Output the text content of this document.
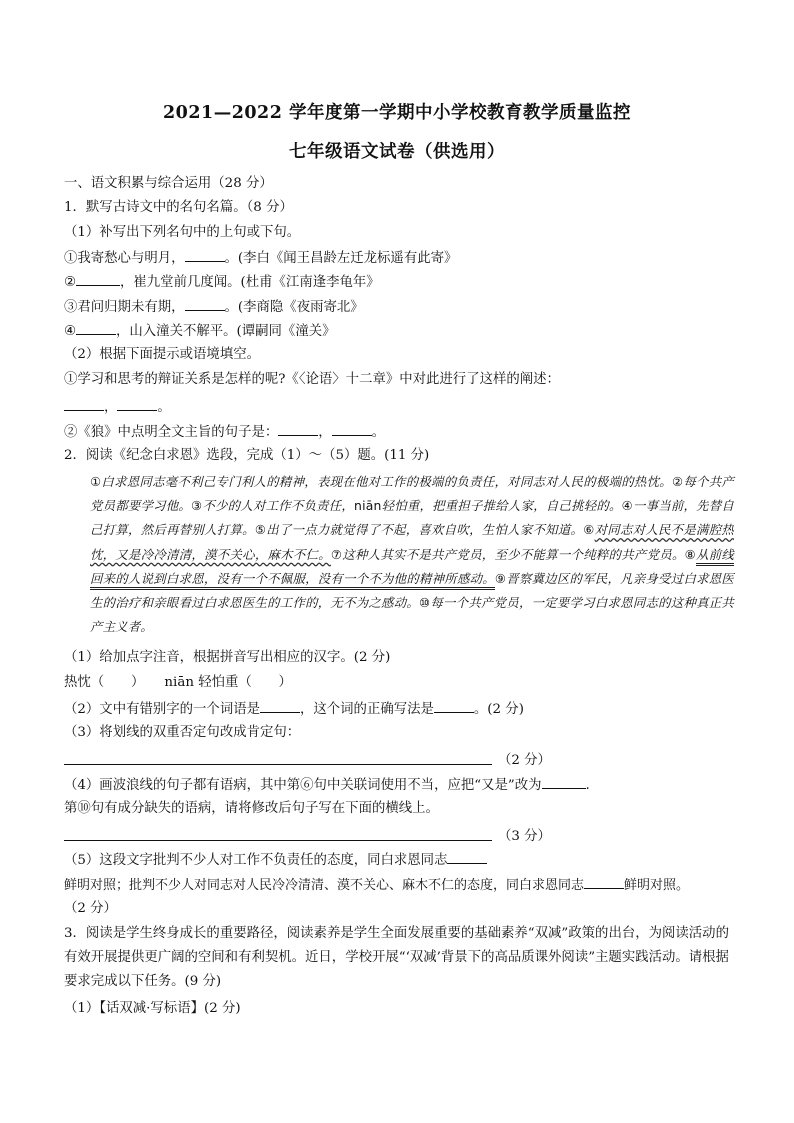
2021—2022 学年度第一学期中小学校教育教学质量监控
七年级语文试卷（供选用）
一、语文积累与综合运用（28 分）
1．默写古诗文中的名句名篇。（8 分）
（1）补写出下列名句中的上句或下句。
①我寄愁心与明月，	。(李白《闻王昌龄左迁龙标遥有此寄》
②	，崔九堂前几度闻。(杜甫《江南逢李龟年》
③君问归期未有期，	。(李商隐《夜雨寄北》
④	，山入潼关不解平。(谭嗣同《潼关》
（2）根据下面提示或语境填空。
①学习和思考的辩证关系是怎样的呢?《〈论语〉十二章》中对此进行了这样的阐述：
，	。
②《狼》中点明全文主旨的句子是：	，	。
2．阅读《纪念白求恩》选段，完成（1）～（5）题。(11 分)
①白求恩同志毫不利己专门利人的精神，表现在他对工作的极端的负责任，对同志对人民的极端的热忱。②每个共产党员都要学习他。③不少的人对工作不负责任，niān轻怕重，把重担子推给人家，自己挑轻的。④一事当前，先替自己打算，然后再替别人打算。⑤出了一点力就觉得了不起，喜欢自吹，生怕人家不知道。⑥对同志对人民不是满腔热忱，又是冷冷清清，漠不关心，麻木不仁。⑦这种人其实不是共产党员，至少不能算一个纯粹的共产党员。⑧从前线回来的人说到白求恩，没有一个不佩服，没有一个不为他的精神所感动。⑨晋察冀边区的军民，凡亲身受过白求恩医生的治疗和亲眼看过白求恩医生的工作的，无不为之感动。⑩每一个共产党员，一定要学习白求恩同志的这种真正共产主义者。
（1）给加点字注音，根据拼音写出相应的汉字。(2 分)
热忱（　　）　　niān 轻怕重（　　）
（2）文中有错别字的一个词语是	，这个词的正确写法是	。(2 分)
（3）将划线的双重否定句改成肯定句：
（2 分）
（4）画波浪线的句子都有语病，其中第⑥句中关联词使用不当，应把“又是”改为	.
第⑩句有成分缺失的语病，请将修改后句子写在下面的横线上。
（3 分）
（5）这段文字批判不少人对工作不负责任的态度，同白求恩同志
鲜明对照；批判不少人对同志对人民冷冷清清、漠不关心、麻木不仁的态度，同白求恩同志	鲜明对照。
（2 分）
3．阅读是学生终身成长的重要路径，阅读素养是学生全面发展重要的基础素养“双减”政策的出台，为阅读活动的有效开展提供更广阔的空间和有利契机。近日，学校开展“‘双减’背景下的高品质课外阅读”主题实践活动。请根据要求完成以下任务。(9 分)
（1）【话双减·写标语】(2 分)
